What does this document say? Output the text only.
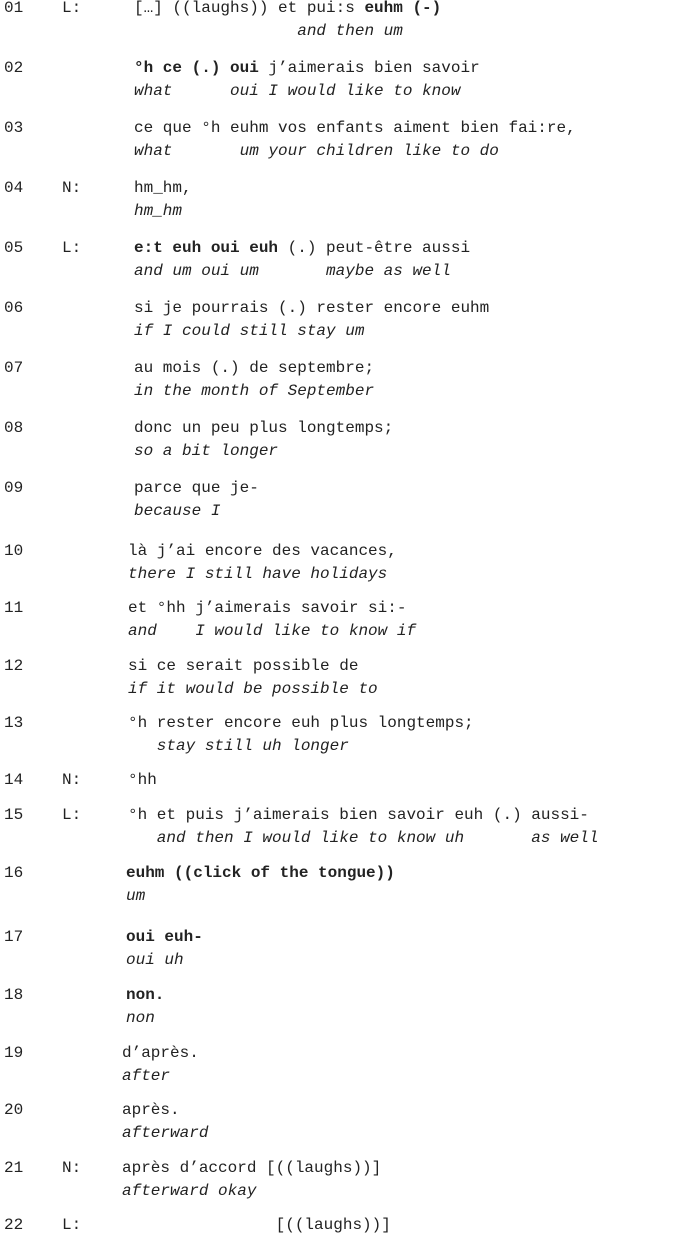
01 L:	[…] ((laughs)) et pui:s euhm (-)
and then um
02	°h ce (.) oui j’aimerais bien savoir
what      oui I would like to know
03	ce que °h euhm vos enfants aiment bien fai:re,
what       um your children like to do
04 N:	hm_hm,
hm_hm
05 L:	e:t euh oui euh (.) peut-être aussi
and um oui um       maybe as well
06	si je pourrais (.) rester encore euhm
if I could still stay um
07	au mois (.) de septembre;
in the month of September
08	donc un peu plus longtemps;
so a bit longer
09	parce que je-
because I
10	là j’ai encore des vacances,
there I still have holidays
11	et °hh j’aimerais savoir si:-
and    I would like to know if
12	si ce serait possible de
if it would be possible to
13	°h rester encore euh plus longtemps;
stay still uh longer
14 N:	°hh
15 L:	°h et puis j’aimerais bien savoir euh (.) aussi-
and then I would like to know uh       as well
16	euhm ((click of the tongue))
um
17	oui euh-
oui uh
18	non.
non
19	d’après.
after
20	après.
afterward
21 N:	après d’accord [((laughs))]
afterward okay
22 L:	[((laughs))]
